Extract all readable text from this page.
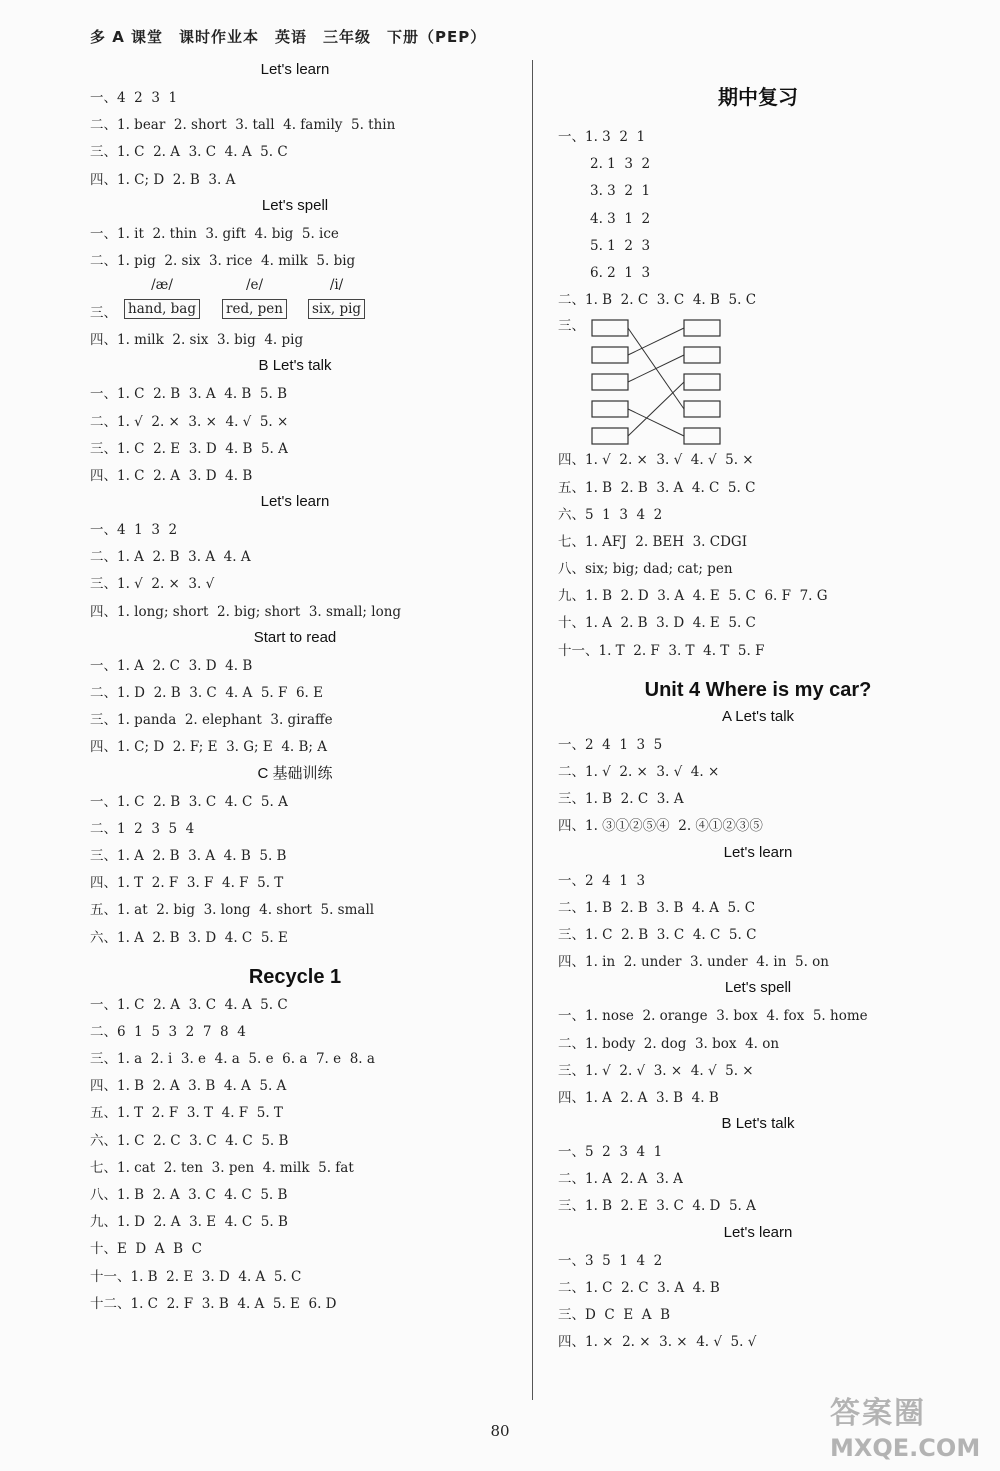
多 A 课堂　课时作业本　英语　三年级　下册（PEP）
Let's learn
一、4  2  3  1
二、1. bear  2. short  3. tall  4. family  5. thin
三、1. C  2. A  3. C  4. A  5. C
四、1. C; D  2. B  3. A
Let's spell
一、1. it  2. thin  3. gift  4. big  5. ice
二、1. pig  2. six  3. rice  4. milk  5. big
三、
/æ/
hand, bag
/e/
red, pen
/i/
six, pig
四、1. milk  2. six  3. big  4. pig
B Let's talk
一、1. C  2. B  3. A  4. B  5. B
二、1. √  2. ×  3. ×  4. √  5. ×
三、1. C  2. E  3. D  4. B  5. A
四、1. C  2. A  3. D  4. B
Let's learn
一、4  1  3  2
二、1. A  2. B  3. A  4. A
三、1. √  2. ×  3. √
四、1. long; short  2. big; short  3. small; long
Start to read
一、1. A  2. C  3. D  4. B
二、1. D  2. B  3. C  4. A  5. F  6. E
三、1. panda  2. elephant  3. giraffe
四、1. C; D  2. F; E  3. G; E  4. B; A
C 基础训练
一、1. C  2. B  3. C  4. C  5. A
二、1  2  3  5  4
三、1. A  2. B  3. A  4. B  5. B
四、1. T  2. F  3. F  4. F  5. T
五、1. at  2. big  3. long  4. short  5. small
六、1. A  2. B  3. D  4. C  5. E
Recycle 1
一、1. C  2. A  3. C  4. A  5. C
二、6  1  5  3  2  7  8  4
三、1. a  2. i  3. e  4. a  5. e  6. a  7. e  8. a
四、1. B  2. A  3. B  4. A  5. A
五、1. T  2. F  3. T  4. F  5. T
六、1. C  2. C  3. C  4. C  5. B
七、1. cat  2. ten  3. pen  4. milk  5. fat
八、1. B  2. A  3. C  4. C  5. B
九、1. D  2. A  3. E  4. C  5. B
十、E  D  A  B  C
十一、1. B  2. E  3. D  4. A  5. C
十二、1. C  2. F  3. B  4. A  5. E  6. D
期中复习
一、1. 3  2  1
2. 1  3  2
3. 3  2  1
4. 3  1  2
5. 1  2  3
6. 2  1  3
二、1. B  2. C  3. C  4. B  5. C
三、
四、1. √  2. ×  3. √  4. √  5. ×
五、1. B  2. B  3. A  4. C  5. C
六、5  1  3  4  2
七、1. AFJ  2. BEH  3. CDGI
八、six; big; dad; cat; pen
九、1. B  2. D  3. A  4. E  5. C  6. F  7. G
十、1. A  2. B  3. D  4. E  5. C
十一、1. T  2. F  3. T  4. T  5. F
Unit 4 Where is my car?
A Let's talk
一、2  4  1  3  5
二、1. √  2. ×  3. √  4. ×
三、1. B  2. C  3. A
四、1. ③①②⑤④  2. ④①②③⑤
Let's learn
一、2  4  1  3
二、1. B  2. B  3. B  4. A  5. C
三、1. C  2. B  3. C  4. C  5. C
四、1. in  2. under  3. under  4. in  5. on
Let's spell
一、1. nose  2. orange  3. box  4. fox  5. home
二、1. body  2. dog  3. box  4. on
三、1. √  2. √  3. ×  4. √  5. ×
四、1. A  2. A  3. B  4. B
B Let's talk
一、5  2  3  4  1
二、1. A  2. A  3. A
三、1. B  2. E  3. C  4. D  5. A
Let's learn
一、3  5  1  4  2
二、1. C  2. C  3. A  4. B
三、D  C  E  A  B
四、1. ×  2. ×  3. ×  4. √  5. √
80	答案圈
MXQE.COM
